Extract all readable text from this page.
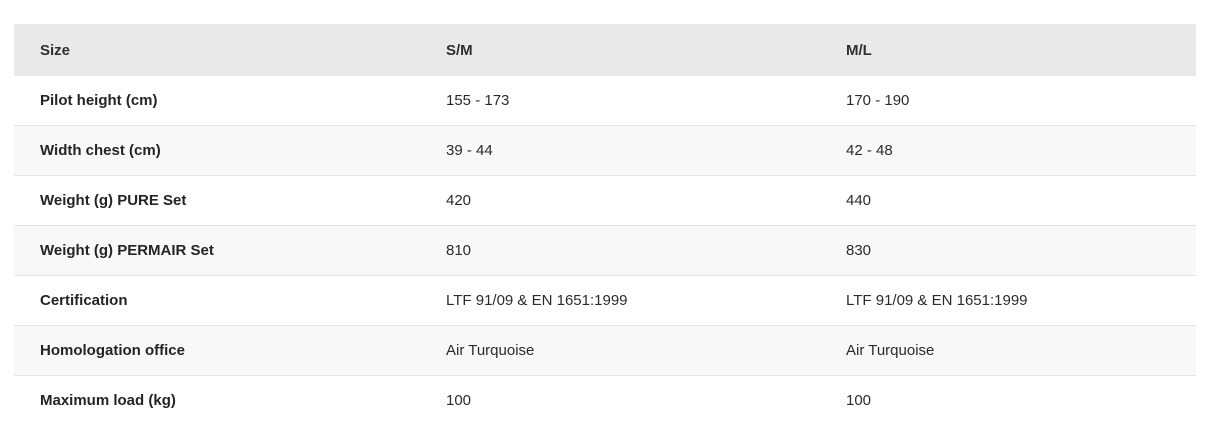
Size	S/M	M/L
Pilot height (cm)	155 - 173	170 - 190
Width chest (cm)	39 - 44	42 - 48
Weight (g) PURE Set	420	440
Weight (g) PERMAIR Set	810	830
Certification	LTF 91/09 & EN 1651:1999	LTF 91/09 & EN 1651:1999
Homologation office	Air Turquoise	Air Turquoise
Maximum load (kg)	100	100
